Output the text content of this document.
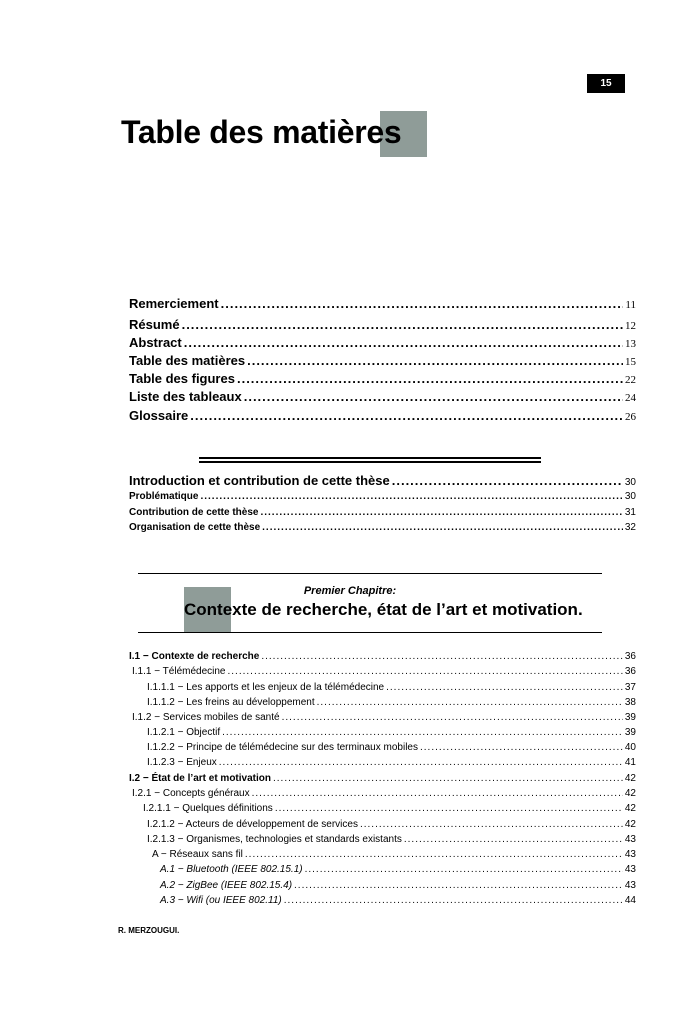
15
Table des matières
Remerciement .....	11
Résumé .....	12
Abstract .....	13
Table des matières .....	15
Table des figures .....	22
Liste des tableaux .....	24
Glossaire .....	26
Introduction et contribution de cette thèse .....	30
Problématique .....	30
Contribution de cette thèse .....	31
Organisation de cette thèse .....	32
Premier Chapitre:
Contexte de recherche, état de l’art et motivation.
I.1 − Contexte de recherche .....	36
I.1.1 − Télémédecine .....	36
I.1.1.1 − Les apports et les enjeux de la télémédecine .....	37
I.1.1.2 − Les freins au développement .....	38
I.1.2 − Services mobiles de santé .....	39
I.1.2.1 − Objectif .....	39
I.1.2.2 − Principe de télémédecine sur des terminaux mobiles .....	40
I.1.2.3 − Enjeux .....	41
I.2 − État de l’art et motivation .....	42
I.2.1 − Concepts généraux .....	42
I.2.1.1 − Quelques définitions .....	42
I.2.1.2 − Acteurs de développement de services .....	42
I.2.1.3 − Organismes, technologies et standards existants .....	43
A − Réseaux sans fil .....	43
A.1 − Bluetooth (IEEE 802.15.1) .....	43
A.2 − ZigBee (IEEE 802.15.4) .....	43
A.3 − Wifi (ou IEEE 802.11) .....	44
R. MERZOUGUI.
